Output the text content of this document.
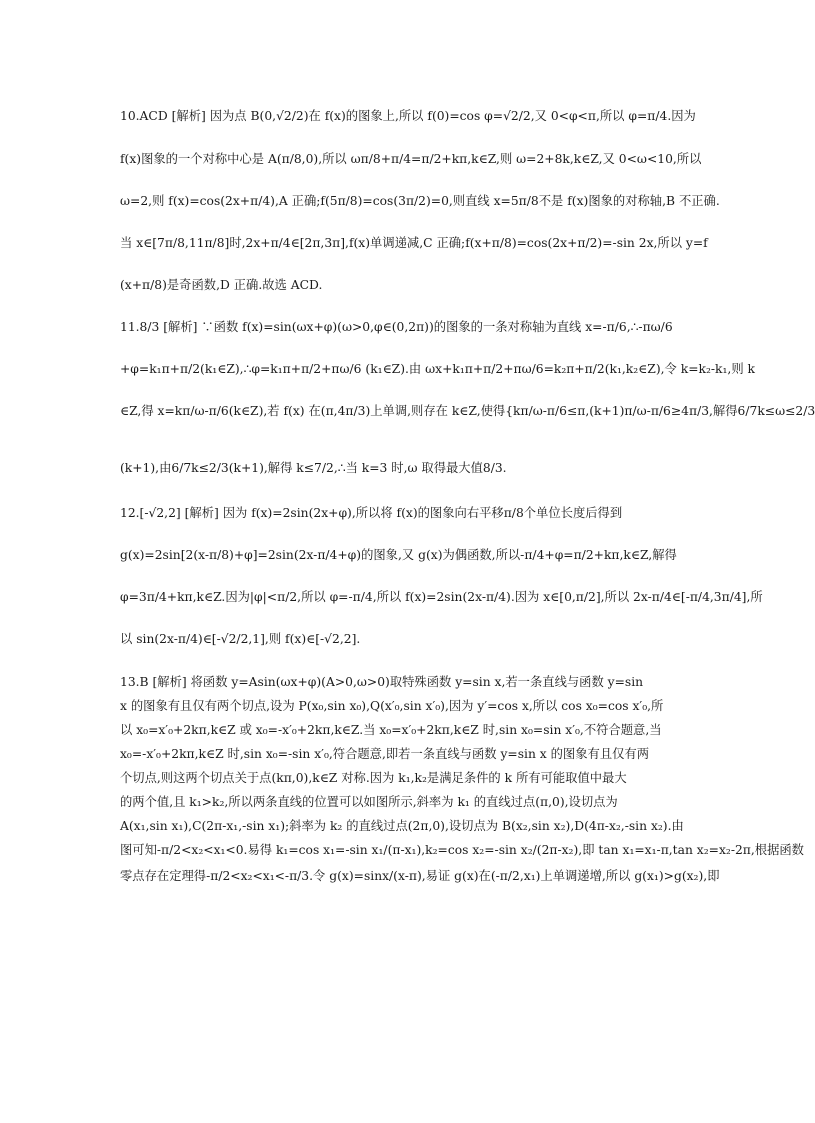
10.ACD [解析] 因为点 B(0,√2/2)在 f(x)的图象上,所以 f(0)=cos φ=√2/2,又 0<φ<π,所以 φ=π/4.因为
f(x)图象的一个对称中心是 A(π/8,0),所以 ωπ/8+π/4=π/2+kπ,k∈Z,则 ω=2+8k,k∈Z,又 0<ω<10,所以
ω=2,则 f(x)=cos(2x+π/4),A 正确;f(5π/8)=cos(3π/2)=0,则直线 x=5π/8不是 f(x)图象的对称轴,B 不正确.
当 x∈[7π/8,11π/8]时,2x+π/4∈[2π,3π],f(x)单调递减,C 正确;f(x+π/8)=cos(2x+π/2)=-sin 2x,所以 y=f
(x+π/8)是奇函数,D 正确.故选 ACD.
11.8/3 [解析] ∵函数 f(x)=sin(ωx+φ)(ω>0,φ∈(0,2π))的图象的一条对称轴为直线 x=-π/6,∴-πω/6
+φ=k₁π+π/2(k₁∈Z),∴φ=k₁π+π/2+πω/6 (k₁∈Z).由 ωx+k₁π+π/2+πω/6=k₂π+π/2(k₁,k₂∈Z),令 k=k₂-k₁,则 k
∈Z,得 x=kπ/ω-π/6(k∈Z),若 f(x) 在(π,4π/3)上单调,则存在 k∈Z,使得{kπ/ω-π/6≤π,(k+1)π/ω-π/6≥4π/3,解得6/7k≤ω≤2/3
(k+1),由6/7k≤2/3(k+1),解得 k≤7/2,∴当 k=3 时,ω 取得最大值8/3.
12.[-√2,2] [解析] 因为 f(x)=2sin(2x+φ),所以将 f(x)的图象向右平移π/8个单位长度后得到
g(x)=2sin[2(x-π/8)+φ]=2sin(2x-π/4+φ)的图象,又 g(x)为偶函数,所以-π/4+φ=π/2+kπ,k∈Z,解得
φ=3π/4+kπ,k∈Z.因为|φ|<π/2,所以 φ=-π/4,所以 f(x)=2sin(2x-π/4).因为 x∈[0,π/2],所以 2x-π/4∈[-π/4,3π/4],所
以 sin(2x-π/4)∈[-√2/2,1],则 f(x)∈[-√2,2].
13.B [解析] 将函数 y=Asin(ωx+φ)(A>0,ω>0)取特殊函数 y=sin x,若一条直线与函数 y=sin
x 的图象有且仅有两个切点,设为 P(x₀,sin x₀),Q(x′₀,sin x′₀),因为 y′=cos x,所以 cos x₀=cos x′₀,所
以 x₀=x′₀+2kπ,k∈Z 或 x₀=-x′₀+2kπ,k∈Z.当 x₀=x′₀+2kπ,k∈Z 时,sin x₀=sin x′₀,不符合题意,当
x₀=-x′₀+2kπ,k∈Z 时,sin x₀=-sin x′₀,符合题意,即若一条直线与函数 y=sin x 的图象有且仅有两
个切点,则这两个切点关于点(kπ,0),k∈Z 对称.因为 k₁,k₂是满足条件的 k 所有可能取值中最大
的两个值,且 k₁>k₂,所以两条直线的位置可以如图所示,斜率为 k₁ 的直线过点(π,0),设切点为
A(x₁,sin x₁),C(2π-x₁,-sin x₁);斜率为 k₂ 的直线过点(2π,0),设切点为 B(x₂,sin x₂),D(4π-x₂,-sin x₂).由
图可知-π/2<x₂<x₁<0.易得 k₁=cos x₁=-sin x₁/(π-x₁),k₂=cos x₂=-sin x₂/(2π-x₂),即 tan x₁=x₁-π,tan x₂=x₂-2π,根据函数
零点存在定理得-π/2<x₂<x₁<-π/3.令 g(x)=sinx/(x-π),易证 g(x)在(-π/2,x₁)上单调递增,所以 g(x₁)>g(x₂),即
